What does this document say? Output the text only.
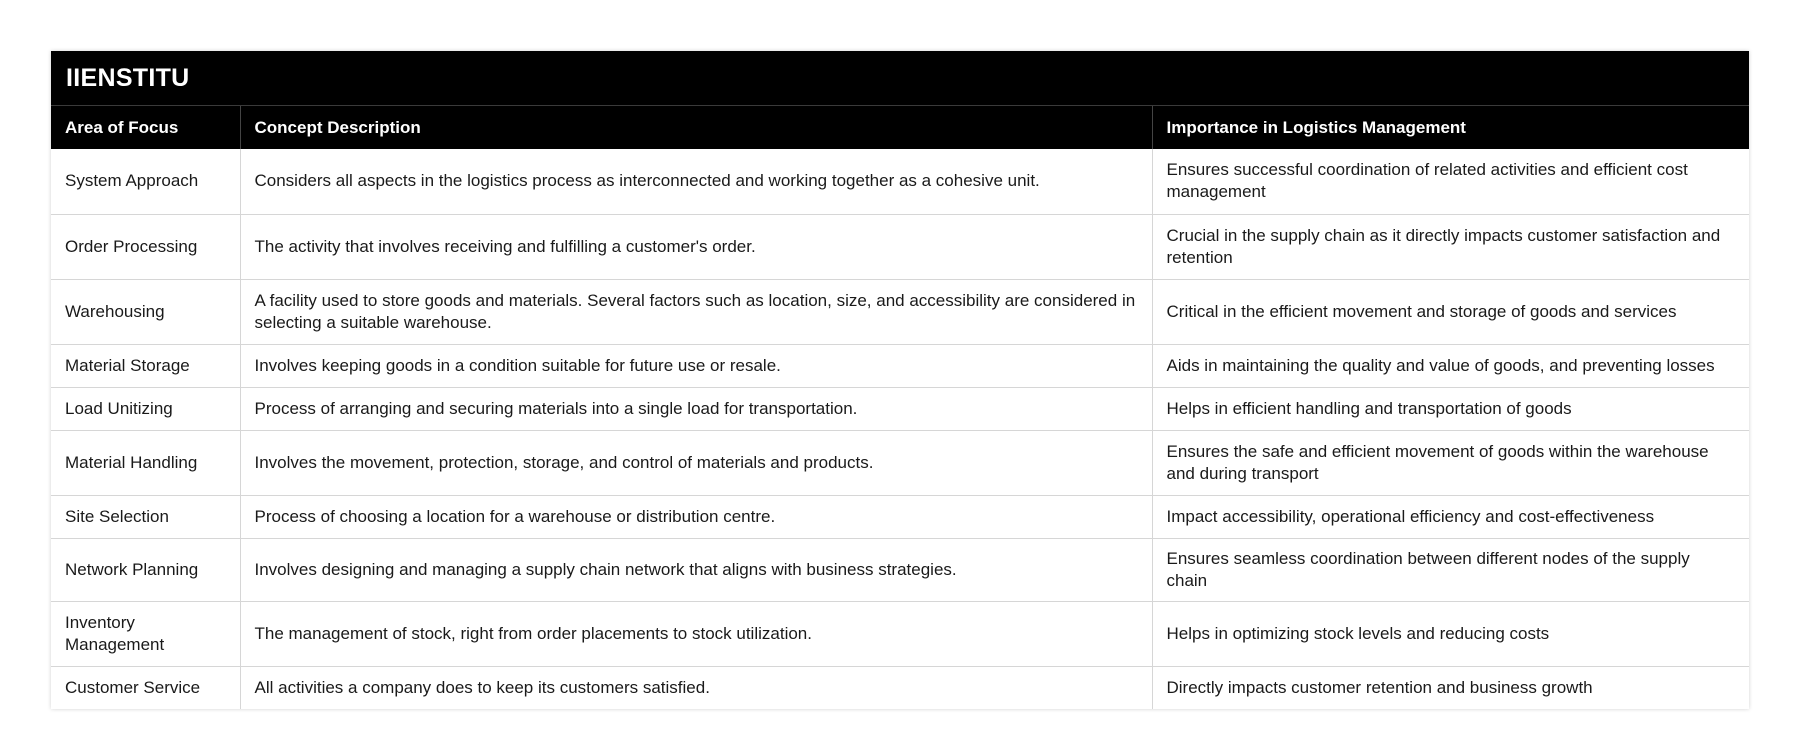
IIENSTITU
Area of Focus	Concept Description	Importance in Logistics Management
System Approach	Considers all aspects in the logistics process as interconnected and working together as a cohesive unit.	Ensures successful coordination of related activities and efficient cost management
Order Processing	The activity that involves receiving and fulfilling a customer's order.	Crucial in the supply chain as it directly impacts customer satisfaction and retention
Warehousing	A facility used to store goods and materials. Several factors such as location, size, and accessibility are considered in selecting a suitable warehouse.	Critical in the efficient movement and storage of goods and services
Material Storage	Involves keeping goods in a condition suitable for future use or resale.	Aids in maintaining the quality and value of goods, and preventing losses
Load Unitizing	Process of arranging and securing materials into a single load for transportation.	Helps in efficient handling and transportation of goods
Material Handling	Involves the movement, protection, storage, and control of materials and products.	Ensures the safe and efficient movement of goods within the warehouse and during transport
Site Selection	Process of choosing a location for a warehouse or distribution centre.	Impact accessibility, operational efficiency and cost-effectiveness
Network Planning	Involves designing and managing a supply chain network that aligns with business strategies.	Ensures seamless coordination between different nodes of the supply chain
Inventory Management	The management of stock, right from order placements to stock utilization.	Helps in optimizing stock levels and reducing costs
Customer Service	All activities a company does to keep its customers satisfied.	Directly impacts customer retention and business growth
